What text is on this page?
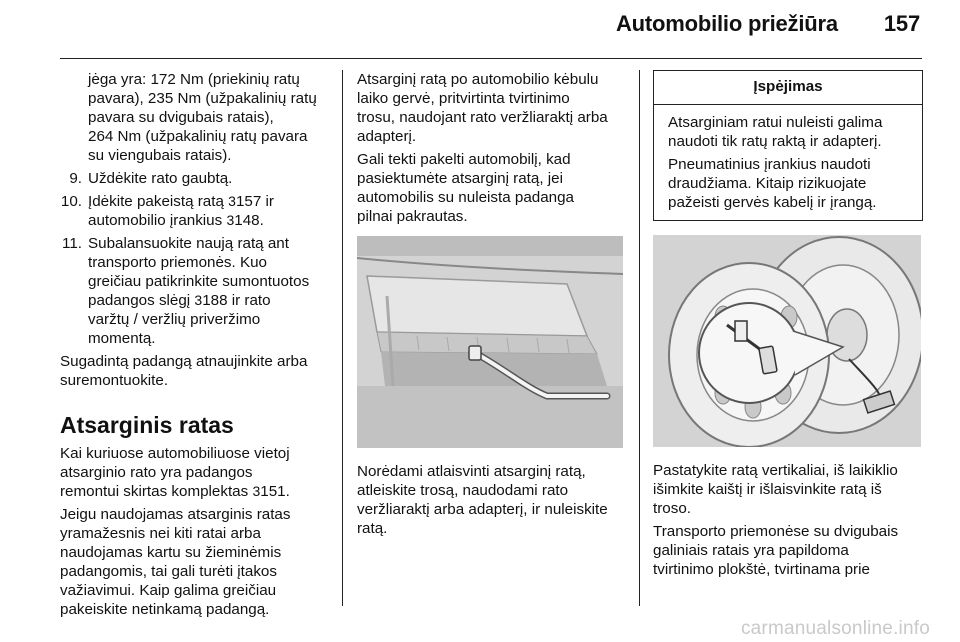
Automobilio priežiūra 157

jėga yra: 172 Nm (priekinių ratų
pavara), 235 Nm (užpakalinių ratų
pavara su dvigubais ratais),
264 Nm (užpakalinių ratų pavara
su viengubais ratais).

9. Uždėkite rato gaubtą.
10. Įdėkite pakeistą ratą 3157 ir
automobilio įrankius 3148.
11. Subalansuokite naują ratą ant
transporto priemonės. Kuo
greičiau patikrinkite sumontuotos
padangos slėgį 3188 ir rato
varžtų / veržlių priveržimo
momentą.

Sugadintą padangą atnaujinkite arba
suremontuokite.

Atsarginis ratas

Kai kuriuose automobiliuose vietoj
atsarginio rato yra padangos
remontui skirtas komplektas 3151.

Jeigu naudojamas atsarginis ratas
yramažesnis nei kiti ratai arba
naudojamas kartu su žieminėmis
padangomis, tai gali turėti įtakos
važiavimui. Kaip galima greičiau
pakeiskite netinkamą padangą.

Atsarginį ratą po automobilio kėbulu
laiko gervė, pritvirtinta tvirtinimo
trosu, naudojant rato veržliaraktį arba
adapterį.

Gali tekti pakelti automobilį, kad
pasiektumėte atsarginį ratą, jei
automobilis su nuleista padanga
pilnai pakrautas.

Norėdami atlaisvinti atsarginį ratą,
atleiskite trosą, naudodami rato
veržliaraktį arba adapterį, ir nuleiskite
ratą.

Įspėjimas

Atsarginiam ratui nuleisti galima
naudoti tik ratų raktą ir adapterį.

Pneumatinius įrankius naudoti
draudžiama. Kitaip rizikuojate
pažeisti gervės kabelį ir įrangą.

Pastatykite ratą vertikaliai, iš laikiklio
išimkite kaištį ir išlaisvinkite ratą iš
troso.

Transporto priemonėse su dvigubais
galiniais ratais yra papildoma
tvirtinimo plokštė, tvirtinama prie

carmanualsonline.info
